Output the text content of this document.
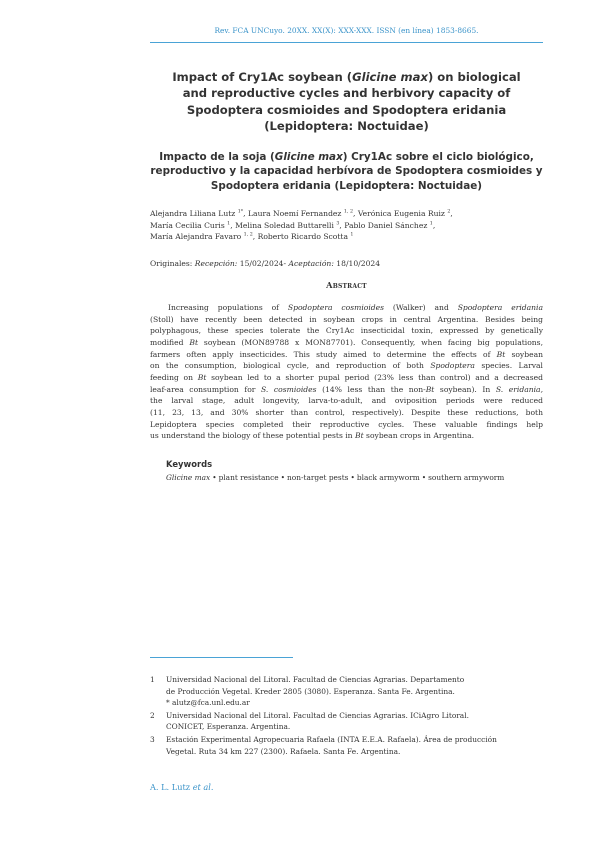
Rev. FCA UNCuyo. 20XX. XX(X): XXX-XXX. ISSN (en línea) 1853-8665.
Impact of Cry1Ac soybean (Glicine max) on biological
and reproductive cycles and herbivory capacity of
Spodoptera cosmioides and Spodoptera eridania
(Lepidoptera: Noctuidae)
Impacto de la soja (Glicine max) Cry1Ac sobre el ciclo biológico,
reproductivo y la capacidad herbívora de Spodoptera cosmioides y
Spodoptera eridania (Lepidoptera: Noctuidae)
Alejandra Liliana Lutz $^{1*}$, Laura Noemí Fernandez $^{1, 2}$, Verónica Eugenia Ruiz $^2$,
María Cecilia Curis $^1$, Melina Soledad Buttarelli $^3$, Pablo Daniel Sánchez $^1$,
María Alejandra Favaro $^{1, 2}$, Roberto Ricardo Scotta $^1$
Originales: Recepción: 15/02/2024- Aceptación: 18/10/2024
Abstract
Increasing populations of Spodoptera cosmioides (Walker) and Spodoptera eridania
(Stoll) have recently been detected in soybean crops in central Argentina. Besides being
polyphagous, these species tolerate the Cry1Ac insecticidal toxin, expressed by genetically
modified Bt soybean (MON89788 x MON87701). Consequently, when facing big populations,
farmers often apply insecticides. This study aimed to determine the effects of Bt soybean
on the consumption, biological cycle, and reproduction of both Spodoptera species. Larval
feeding on Bt soybean led to a shorter pupal period (23% less than control) and a decreased
leaf-area consumption for S. cosmioides (14% less than the non-Bt soybean). In S. eridania,
the larval stage, adult longevity, larva-to-adult, and oviposition periods were reduced
(11, 23, 13, and 30% shorter than control, respectively). Despite these reductions, both
Lepidoptera species completed their reproductive cycles. These valuable findings help
us understand the biology of these potential pests in Bt soybean crops in Argentina.
Keywords
Glicine max • plant resistance • non-target pests • black armyworm • southern armyworm
1 Universidad Nacional del Litoral. Facultad de Ciencias Agrarias. Departamento
de Producción Vegetal. Kreder 2805 (3080). Esperanza. Santa Fe. Argentina.
* alutz@fca.unl.edu.ar
2 Universidad Nacional del Litoral. Facultad de Ciencias Agrarias. ICiAgro Litoral.
CONICET, Esperanza. Argentina.
3 Estación Experimental Agropecuaria Rafaela (INTA E.E.A. Rafaela). Área de producción
Vegetal. Ruta 34 km 227 (2300). Rafaela. Santa Fe. Argentina.
A. L. Lutz et al.
